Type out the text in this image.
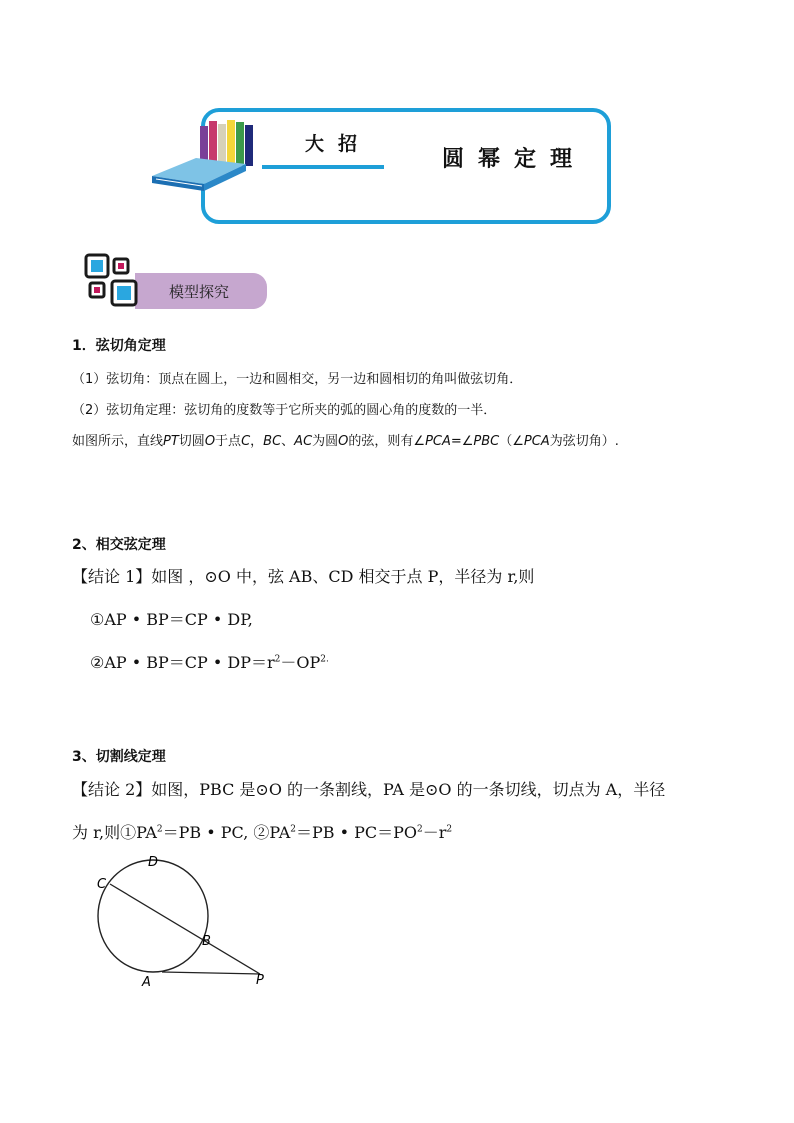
大招
圆幂定理
模型探究
1．弦切角定理
（1）弦切角：顶点在圆上，一边和圆相交，另一边和圆相切的角叫做弦切角．
（2）弦切角定理：弦切角的度数等于它所夹的弧的圆心角的度数的一半．
如图所示，直线PT切圆O于点C，BC、AC为圆O的弦，则有∠PCA=∠PBC（∠PCA为弦切角）.
2、相交弦定理
【结论 1】如图 ，⊙O 中，弦 AB、CD 相交于点 P，半径为 r,则
①AP • BP＝CP • DP,
②AP • BP＝CP • $DP=r^2-OP^{2.}$
3、切割线定理
【结论 2】如图，PBC 是⊙O 的一条割线，PA 是⊙O 的一条切线，切点为 A，半径
为 r,则$①PA^2=PB$ • PC, $②PA^2=PB$ • $PC=PO^2-r^2$
D
C
B
A	P
